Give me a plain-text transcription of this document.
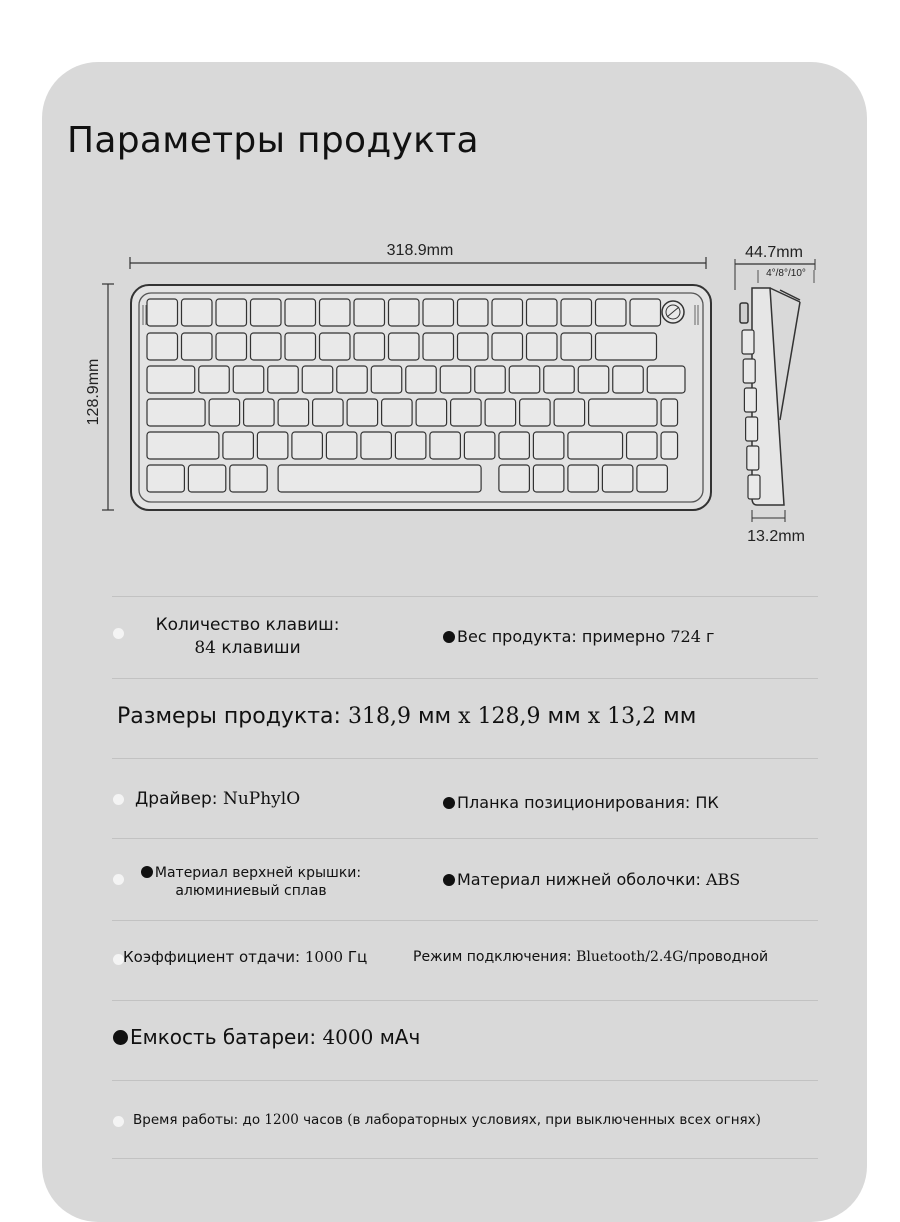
Параметры продукта
318.9mm
128.9mm
44.7mm
4°/8°/10°
13.2mm
Количество клавиш:
84 клавиши
Вес продукта: примерно 724 г
Размеры продукта: 318,9 мм x 128,9 мм x 13,2 мм
Драйвер: NuPhylO	Планка позиционирования: ПК
Материал верхней крышки:
алюминиевый сплав
Материал нижней оболочки: ABS
Коэффициент отдачи: 1000 Гц	Режим подключения: Bluetooth/2.4G/проводной
Емкость батареи: 4000 мАч
Время работы: до 1200 часов (в лабораторных условиях, при выключенных всех огнях)
